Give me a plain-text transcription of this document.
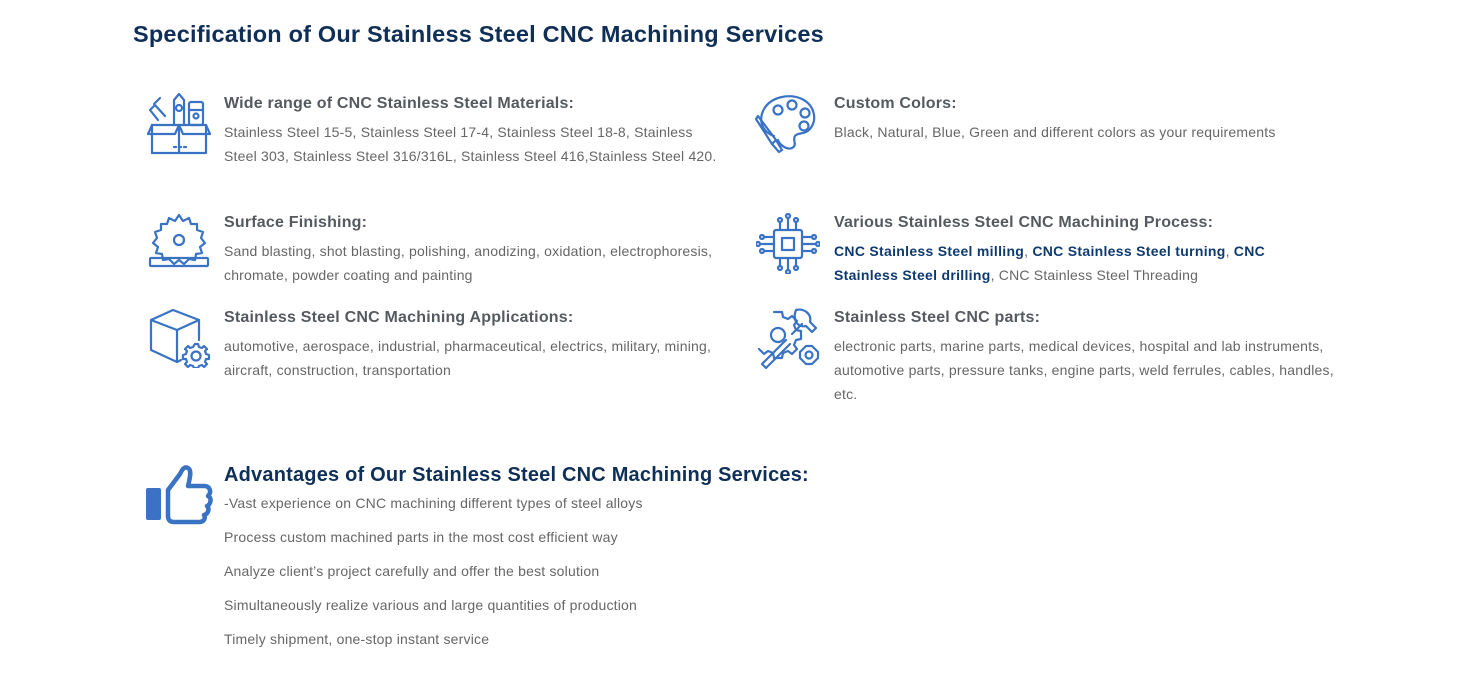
Specification of Our Stainless Steel CNC Machining Services
Wide range of CNC Stainless Steel Materials:
Stainless Steel 15-5, Stainless Steel 17-4, Stainless Steel 18-8, Stainless Steel 303, Stainless Steel 316/316L, Stainless Steel 416,Stainless Steel 420.
Custom Colors:
Black, Natural, Blue, Green and different colors as your requirements
Surface Finishing:
Sand blasting, shot blasting, polishing, anodizing, oxidation, electrophoresis, chromate, powder coating and painting
Various Stainless Steel CNC Machining Process:
CNC Stainless Steel milling, CNC Stainless Steel turning, CNC Stainless Steel drilling, CNC Stainless Steel Threading
Stainless Steel CNC Machining Applications:
automotive, aerospace, industrial, pharmaceutical, electrics, military, mining, aircraft, construction, transportation
Stainless Steel CNC parts:
electronic parts, marine parts, medical devices, hospital and lab instruments, automotive parts, pressure tanks, engine parts, weld ferrules, cables, handles, etc.
Advantages of Our Stainless Steel CNC Machining Services:
-Vast experience on CNC machining different types of steel alloys
Process custom machined parts in the most cost efficient way
Analyze client’s project carefully and offer the best solution
Simultaneously realize various and large quantities of production
Timely shipment, one-stop instant service
